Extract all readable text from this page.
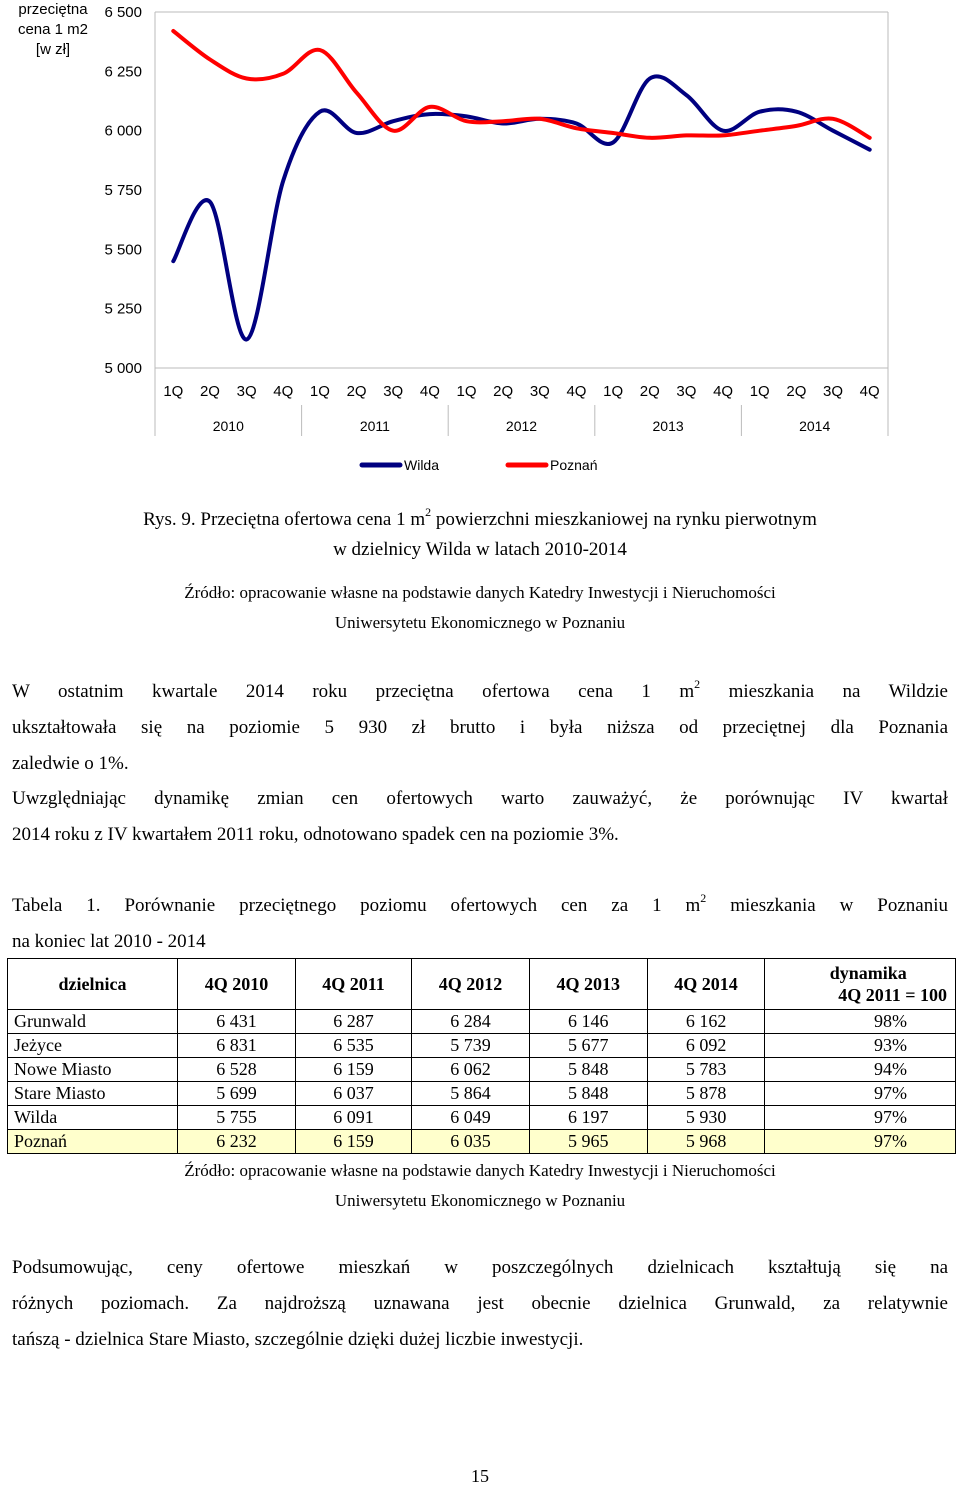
przeciętna
cena 1 m2
[w zł]
6 500
6 250
6 000
5 750
5 500
5 250
5 000
1Q 2Q 3Q 4Q 1Q 2Q 3Q 4Q 1Q 2Q 3Q 4Q 1Q 2Q 3Q 4Q 1Q 2Q 3Q 4Q
2010	2011	2012	2013	2014
Wilda	Poznań
Rys. 9. Przeciętna ofertowa cena 1 $m^2$ powierzchni mieszkaniowej na rynku pierwotnym
w dzielnicy Wilda w latach 2010-2014
Źródło: opracowanie własne na podstawie danych Katedry Inwestycji i Nieruchomości
Uniwersytetu Ekonomicznego w Poznaniu
W ostatnim kwartale 2014 roku przeciętna ofertowa cena 1 $m^2$ mieszkania na Wildzie
ukształtowała się na poziomie 5 930 zł brutto i była niższa od przeciętnej dla Poznania
zaledwie o 1%.
Uwzględniając dynamikę zmian cen ofertowych warto zauważyć, że porównując IV kwartał
2014 roku z IV kwartałem 2011 roku, odnotowano spadek cen na poziomie 3%.
Tabela 1. Porównanie przeciętnego poziomu ofertowych cen za 1 $m^2$ mieszkania w Poznaniu
na koniec lat 2010 - 2014
dzielnica	4Q 2010	4Q 2011	4Q 2012	4Q 2013	4Q 2014	dynamika
4Q 2011 = 100

Grunwald	6 431	6 287	6 284	6 146	6 162	98%
Jeżyce	6 831	6 535	5 739	5 677	6 092	93%
Nowe Miasto	6 528	6 159	6 062	5 848	5 783	94%
Stare Miasto	5 699	6 037	5 864	5 848	5 878	97%
Wilda	5 755	6 091	6 049	6 197	5 930	97%
Poznań	6 232	6 159	6 035	5 965	5 968	97%
Źródło: opracowanie własne na podstawie danych Katedry Inwestycji i Nieruchomości
Uniwersytetu Ekonomicznego w Poznaniu
Podsumowując, ceny ofertowe mieszkań w poszczególnych dzielnicach kształtują się na
różnych poziomach. Za najdroższą uznawana jest obecnie dzielnica Grunwald, za relatywnie
tańszą - dzielnica Stare Miasto, szczególnie dzięki dużej liczbie inwestycji.
15
